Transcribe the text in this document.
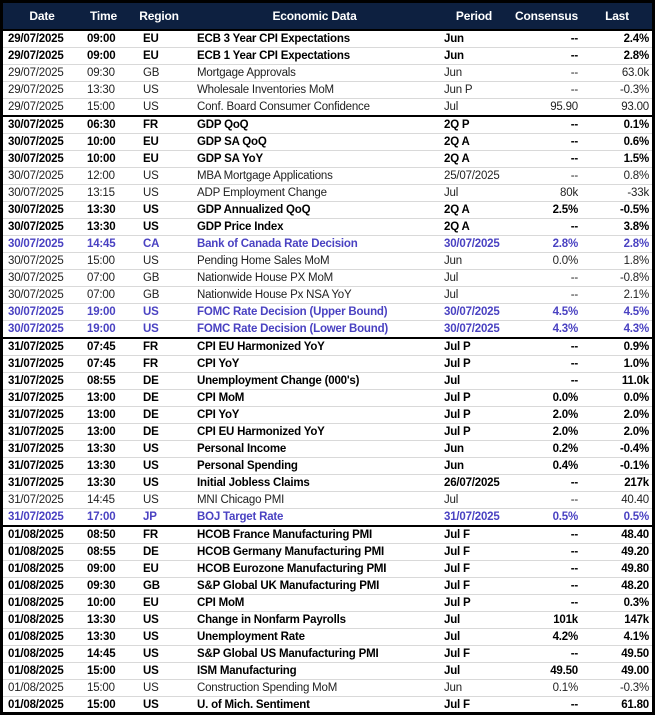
Date	Time	Region	Economic Data	Period	Consensus	Last
29/07/2025	09:00	EU	ECB 3 Year CPI Expectations	Jun	--	2.4%
29/07/2025	09:00	EU	ECB 1 Year CPI Expectations	Jun	--	2.8%
29/07/2025	09:30	GB	Mortgage Approvals	Jun	--	63.0k
29/07/2025	13:30	US	Wholesale Inventories MoM	Jun P	--	-0.3%
29/07/2025	15:00	US	Conf. Board Consumer Confidence	Jul	95.90	93.00
30/07/2025	06:30	FR	GDP QoQ	2Q P	--	0.1%
30/07/2025	10:00	EU	GDP SA QoQ	2Q A	--	0.6%
30/07/2025	10:00	EU	GDP SA YoY	2Q A	--	1.5%
30/07/2025	12:00	US	MBA Mortgage Applications	25/07/2025	--	0.8%
30/07/2025	13:15	US	ADP Employment Change	Jul	80k	-33k
30/07/2025	13:30	US	GDP Annualized QoQ	2Q A	2.5%	-0.5%
30/07/2025	13:30	US	GDP Price Index	2Q A	--	3.8%
30/07/2025	14:45	CA	Bank of Canada Rate Decision	30/07/2025	2.8%	2.8%
30/07/2025	15:00	US	Pending Home Sales MoM	Jun	0.0%	1.8%
30/07/2025	07:00	GB	Nationwide House PX MoM	Jul	--	-0.8%
30/07/2025	07:00	GB	Nationwide House Px NSA YoY	Jul	--	2.1%
30/07/2025	19:00	US	FOMC Rate Decision (Upper Bound)	30/07/2025	4.5%	4.5%
30/07/2025	19:00	US	FOMC Rate Decision (Lower Bound)	30/07/2025	4.3%	4.3%
31/07/2025	07:45	FR	CPI EU Harmonized YoY	Jul P	--	0.9%
31/07/2025	07:45	FR	CPI YoY	Jul P	--	1.0%
31/07/2025	08:55	DE	Unemployment Change (000's)	Jul	--	11.0k
31/07/2025	13:00	DE	CPI MoM	Jul P	0.0%	0.0%
31/07/2025	13:00	DE	CPI YoY	Jul P	2.0%	2.0%
31/07/2025	13:00	DE	CPI EU Harmonized YoY	Jul P	2.0%	2.0%
31/07/2025	13:30	US	Personal Income	Jun	0.2%	-0.4%
31/07/2025	13:30	US	Personal Spending	Jun	0.4%	-0.1%
31/07/2025	13:30	US	Initial Jobless Claims	26/07/2025	--	217k
31/07/2025	14:45	US	MNI Chicago PMI	Jul	--	40.40
31/07/2025	17:00	JP	BOJ Target Rate	31/07/2025	0.5%	0.5%
01/08/2025	08:50	FR	HCOB France Manufacturing PMI	Jul F	--	48.40
01/08/2025	08:55	DE	HCOB Germany Manufacturing PMI	Jul F	--	49.20
01/08/2025	09:00	EU	HCOB Eurozone Manufacturing PMI	Jul F	--	49.80
01/08/2025	09:30	GB	S&P Global UK Manufacturing PMI	Jul F	--	48.20
01/08/2025	10:00	EU	CPI MoM	Jul P	--	0.3%
01/08/2025	13:30	US	Change in Nonfarm Payrolls	Jul	101k	147k
01/08/2025	13:30	US	Unemployment Rate	Jul	4.2%	4.1%
01/08/2025	14:45	US	S&P Global US Manufacturing PMI	Jul F	--	49.50
01/08/2025	15:00	US	ISM Manufacturing	Jul	49.50	49.00
01/08/2025	15:00	US	Construction Spending MoM	Jun	0.1%	-0.3%
01/08/2025	15:00	US	U. of Mich. Sentiment	Jul F	--	61.80
